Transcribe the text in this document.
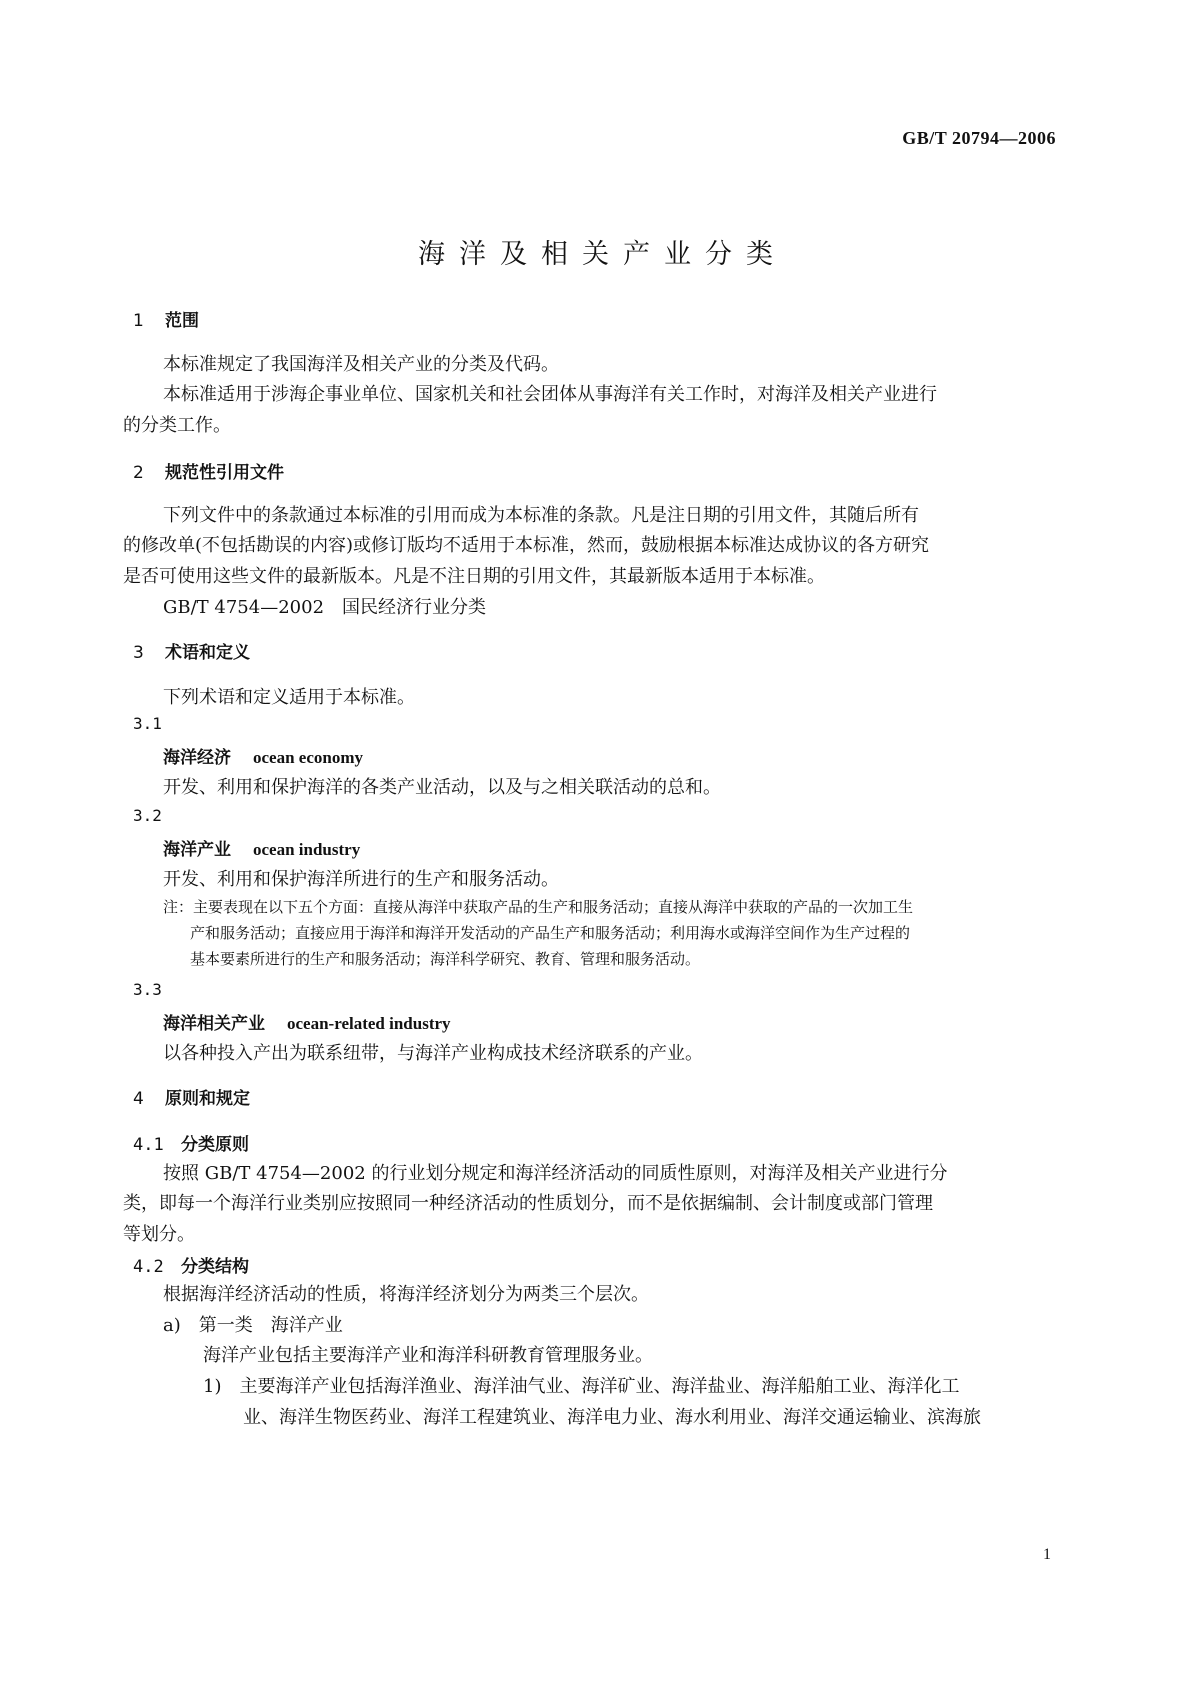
GB/T 20794—2006
海洋及相关产业分类
1 范围
本标准规定了我国海洋及相关产业的分类及代码。
本标准适用于涉海企事业单位、国家机关和社会团体从事海洋有关工作时，对海洋及相关产业进行
的分类工作。
2 规范性引用文件
下列文件中的条款通过本标准的引用而成为本标准的条款。凡是注日期的引用文件，其随后所有
的修改单(不包括勘误的内容)或修订版均不适用于本标准，然而，鼓励根据本标准达成协议的各方研究
是否可使用这些文件的最新版本。凡是不注日期的引用文件，其最新版本适用于本标准。
GB/T 4754—2002　国民经济行业分类
3 术语和定义
下列术语和定义适用于本标准。
3.1
海洋经济 ocean economy
开发、利用和保护海洋的各类产业活动，以及与之相关联活动的总和。
3.2
海洋产业 ocean industry
开发、利用和保护海洋所进行的生产和服务活动。
注：主要表现在以下五个方面：直接从海洋中获取产品的生产和服务活动；直接从海洋中获取的产品的一次加工生
产和服务活动；直接应用于海洋和海洋开发活动的产品生产和服务活动；利用海水或海洋空间作为生产过程的
基本要素所进行的生产和服务活动；海洋科学研究、教育、管理和服务活动。
3.3
海洋相关产业 ocean-related industry
以各种投入产出为联系纽带，与海洋产业构成技术经济联系的产业。
4 原则和规定
4.1 分类原则
按照 GB/T 4754—2002 的行业划分规定和海洋经济活动的同质性原则，对海洋及相关产业进行分
类，即每一个海洋行业类别应按照同一种经济活动的性质划分，而不是依据编制、会计制度或部门管理
等划分。
4.2 分类结构
根据海洋经济活动的性质，将海洋经济划分为两类三个层次。
a)　第一类　海洋产业
海洋产业包括主要海洋产业和海洋科研教育管理服务业。
1)　主要海洋产业包括海洋渔业、海洋油气业、海洋矿业、海洋盐业、海洋船舶工业、海洋化工
业、海洋生物医药业、海洋工程建筑业、海洋电力业、海水利用业、海洋交通运输业、滨海旅
1
